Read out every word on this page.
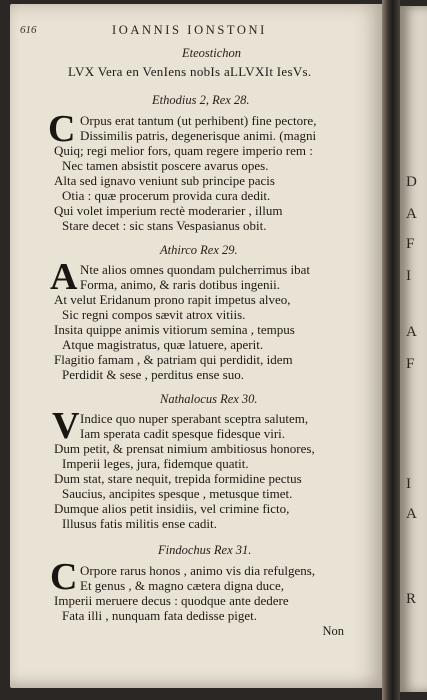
D
A
F
I
A
F
I
A
R
616	IOANNIS IONSTONI
Eteostichon
LVX Vera en VenIens nobIs aLLVXIt IesVs.
Ethodius 2, Rex 28.
C Orpus erat tantum (ut perhibent) fine pectore,
Dissimilis patris, degenerisque animi. (magni
Quiq; regi melior fors, quam regere imperio rem :
Nec tamen absistit poscere avarus opes.
Alta sed ignavo veniunt sub principe pacis
Otia : quæ procerum provida cura dedit.
Qui volet imperium rectè moderarier , illum
Stare decet : sic stans Vespasianus obit.
Athirco Rex 29.
A Nte alios omnes quondam pulcherrimus ibat
Forma, animo, & raris dotibus ingenii.
At velut Eridanum prono rapit impetus alveo,
Sic regni compos sævit atrox vitiis.
Insita quippe animis vitiorum semina , tempus
Atque magistratus, quæ latuere, aperit.
Flagitio famam , & patriam qui perdidit, idem
Perdidit & sese , perditus ense suo.
Nathalocus Rex 30.
V Indice quo nuper sperabant sceptra salutem,
Iam sperata cadit spesque fidesque viri.
Dum petit, & prensat nimium ambitiosus honores,
Imperii leges, jura, fidemque quatit.
Dum stat, stare nequit, trepida formidine pectus
Saucius, ancipites spesque , metusque timet.
Dumque alios petit insidiis, vel crimine ficto,
Illusus fatis militis ense cadit.
Findochus Rex 31.
C Orpore rarus honos , animo vis dia refulgens,
Et genus , & magno cætera digna duce,
Imperii meruere decus : quodque ante dedere
Fata illi , nunquam fata dedisse piget.
Non
